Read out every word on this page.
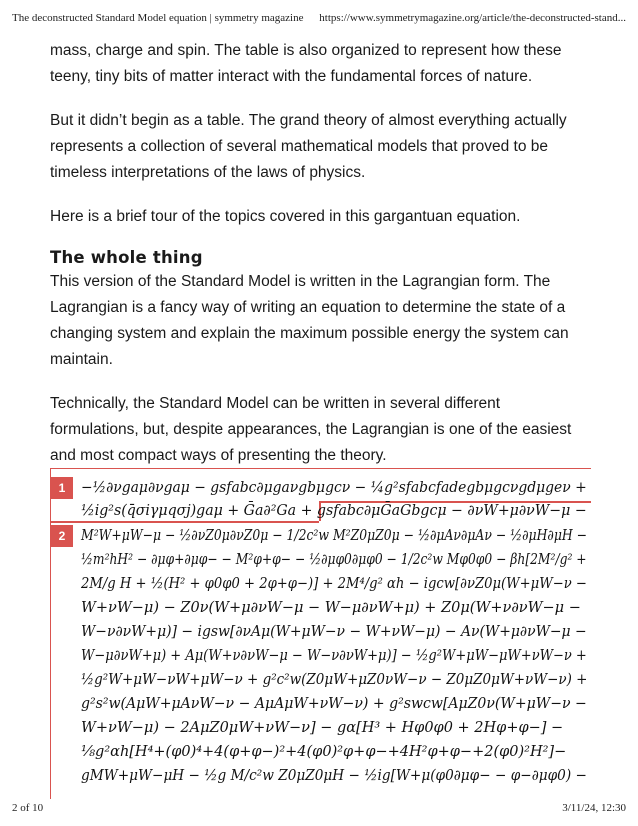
The deconstructed Standard Model equation | symmetry magazine https://www.symmetrymagazine.org/article/the-deconstructed-stand...

mass, charge and spin. The table is also organized to represent how these teeny, tiny bits of matter interact with the fundamental forces of nature.

But it didn’t begin as a table. The grand theory of almost everything actually represents a collection of several mathematical models that proved to be timeless interpretations of the laws of physics.

Here is a brief tour of the topics covered in this gargantuan equation.

The whole thing

This version of the Standard Model is written in the Lagrangian form. The Lagrangian is a fancy way of writing an equation to determine the state of a changing system and explain the maximum possible energy the system can maintain.

Technically, the Standard Model can be written in several different formulations, but, despite appearances, the Lagrangian is one of the easiest and most compact ways of presenting the theory.

1
2
−½∂νgaμ∂νgaμ − gsfabc∂μgaνgbμgcν − ¼g²sfabcfadegbμgcνgdμgeν +
½ig²s(q̄σiγμqσj)gaμ + Ḡa∂²Ga + gsfabc∂μḠaGbgcμ − ∂νW+μ∂νW−μ −
M²W+μW−μ − ½∂νZ0μ∂νZ0μ − 1/2c²w M²Z0μZ0μ − ½∂μAν∂μAν − ½∂μH∂μH −
½m²hH² − ∂μφ+∂μφ− − M²φ+φ− − ½∂μφ0∂μφ0 − 1/2c²w Mφ0φ0 − βh[2M²/g² +
2M/g H + ½(H² + φ0φ0 + 2φ+φ−)] + 2M⁴/g² αh − igcw[∂νZ0μ(W+μW−ν −
W+νW−μ) − Z0ν(W+μ∂νW−μ − W−μ∂νW+μ) + Z0μ(W+ν∂νW−μ −
W−ν∂νW+μ)] − igsw[∂νAμ(W+μW−ν − W+νW−μ) − Aν(W+μ∂νW−μ −
W−μ∂νW+μ) + Aμ(W+ν∂νW−μ − W−ν∂νW+μ)] − ½g²W+μW−μW+νW−ν +
½g²W+μW−νW+μW−ν + g²c²w(Z0μW+μZ0νW−ν − Z0μZ0μW+νW−ν) +
g²s²w(AμW+μAνW−ν − AμAμW+νW−ν) + g²swcw[AμZ0ν(W+μW−ν −
W+νW−μ) − 2AμZ0μW+νW−ν] − gα[H³ + Hφ0φ0 + 2Hφ+φ−] −
⅛g²αh[H⁴+(φ0)⁴+4(φ+φ−)²+4(φ0)²φ+φ−+4H²φ+φ−+2(φ0)²H²]−
gMW+μW−μH − ½g M/c²w Z0μZ0μH − ½ig[W+μ(φ0∂μφ− − φ−∂μφ0) −
2 of 10	3/11/24, 12:30
